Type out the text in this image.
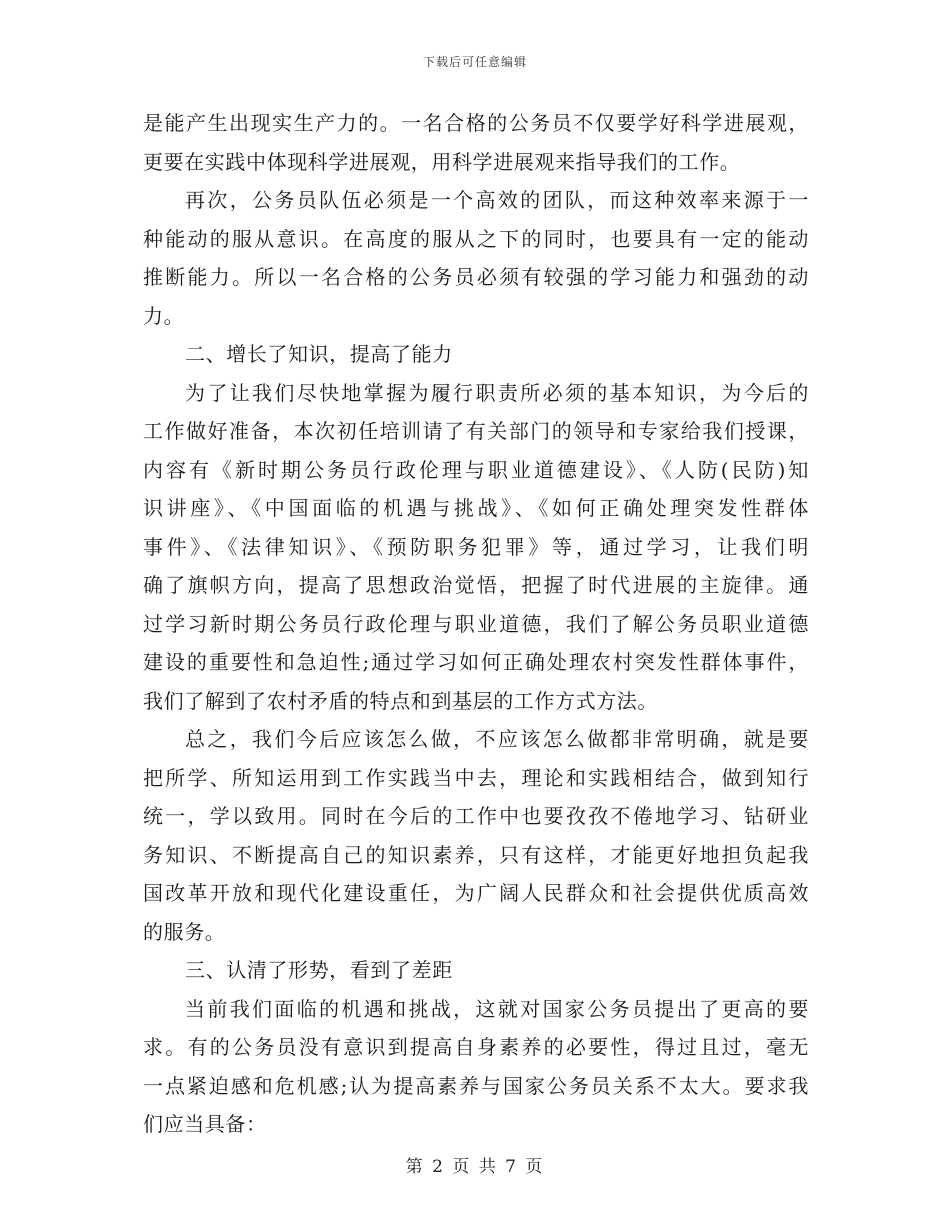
下载后可任意编辑
是能产生出现实生产力的。一名合格的公务员不仅要学好科学进展观，
更要在实践中体现科学进展观，用科学进展观来指导我们的工作。
再次，公务员队伍必须是一个高效的团队，而这种效率来源于一
种能动的服从意识。在高度的服从之下的同时，也要具有一定的能动
推断能力。所以一名合格的公务员必须有较强的学习能力和强劲的动
力。
二、增长了知识，提高了能力
为了让我们尽快地掌握为履行职责所必须的基本知识，为今后的
工作做好准备，本次初任培训请了有关部门的领导和专家给我们授课，
内容有《新时期公务员行政伦理与职业道德建设》、《人防(民防)知
识讲座》、《中国面临的机遇与挑战》、《如何正确处理突发性群体
事件》、《法律知识》、《预防职务犯罪》等，通过学习，让我们明
确了旗帜方向，提高了思想政治觉悟，把握了时代进展的主旋律。通
过学习新时期公务员行政伦理与职业道德，我们了解公务员职业道德
建设的重要性和急迫性;通过学习如何正确处理农村突发性群体事件，
我们了解到了农村矛盾的特点和到基层的工作方式方法。
总之，我们今后应该怎么做，不应该怎么做都非常明确，就是要
把所学、所知运用到工作实践当中去，理论和实践相结合，做到知行
统一，学以致用。同时在今后的工作中也要孜孜不倦地学习、钻研业
务知识、不断提高自己的知识素养，只有这样，才能更好地担负起我
国改革开放和现代化建设重任，为广阔人民群众和社会提供优质高效
的服务。
三、认清了形势，看到了差距
当前我们面临的机遇和挑战，这就对国家公务员提出了更高的要
求。有的公务员没有意识到提高自身素养的必要性，得过且过，毫无
一点紧迫感和危机感;认为提高素养与国家公务员关系不太大。要求我
们应当具备：
第 2 页 共 7 页
